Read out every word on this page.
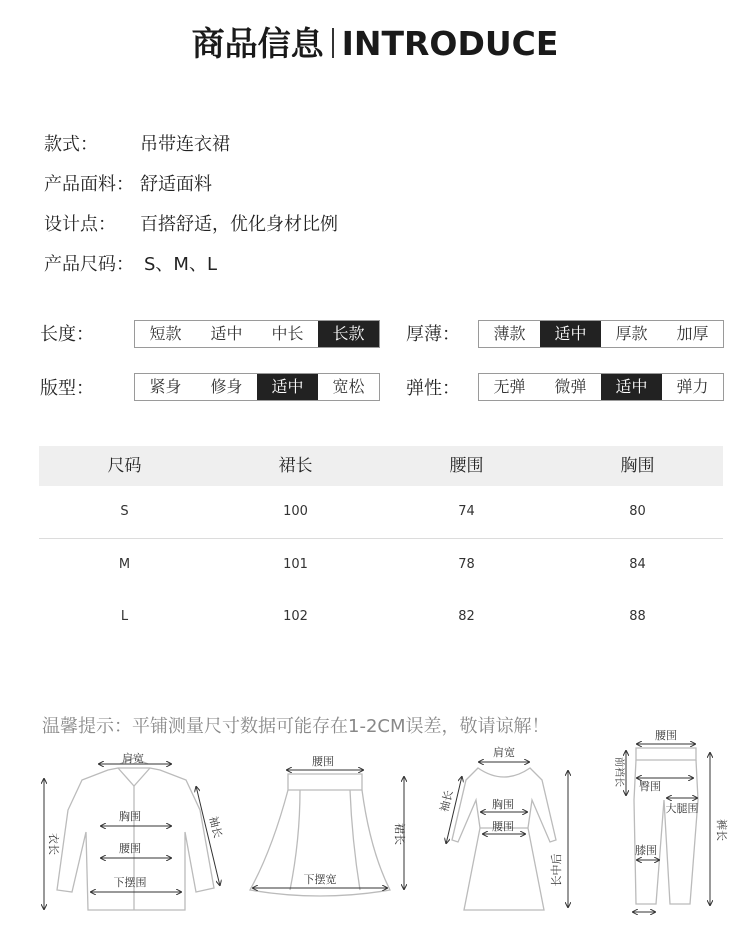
商品信息 INTRODUCE
款式： 吊带连衣裙
产品面料： 舒适面料
设计点： 百搭舒适，优化身材比例
产品尺码： S、M、L
长度：	短款	适中	中长	长款	厚薄：	薄款	适中	厚款	加厚
版型：	紧身	修身	适中	宽松	弹性：	无弹	微弹	适中	弹力
尺码	裙长	腰围	胸围
S	100	74	80
M	101	78	84
L	102	82	88
温馨提示：平铺测量尺寸数据可能存在1-2CM误差，敬请谅解！
肩宽
胸围
腰围
下摆围
衣长
袖长
腰围
下摆宽
裙长
肩宽
袖长	胸围
腰围
长中后
臀围
大腿围
膝围
前裆长
裤长
腰围
